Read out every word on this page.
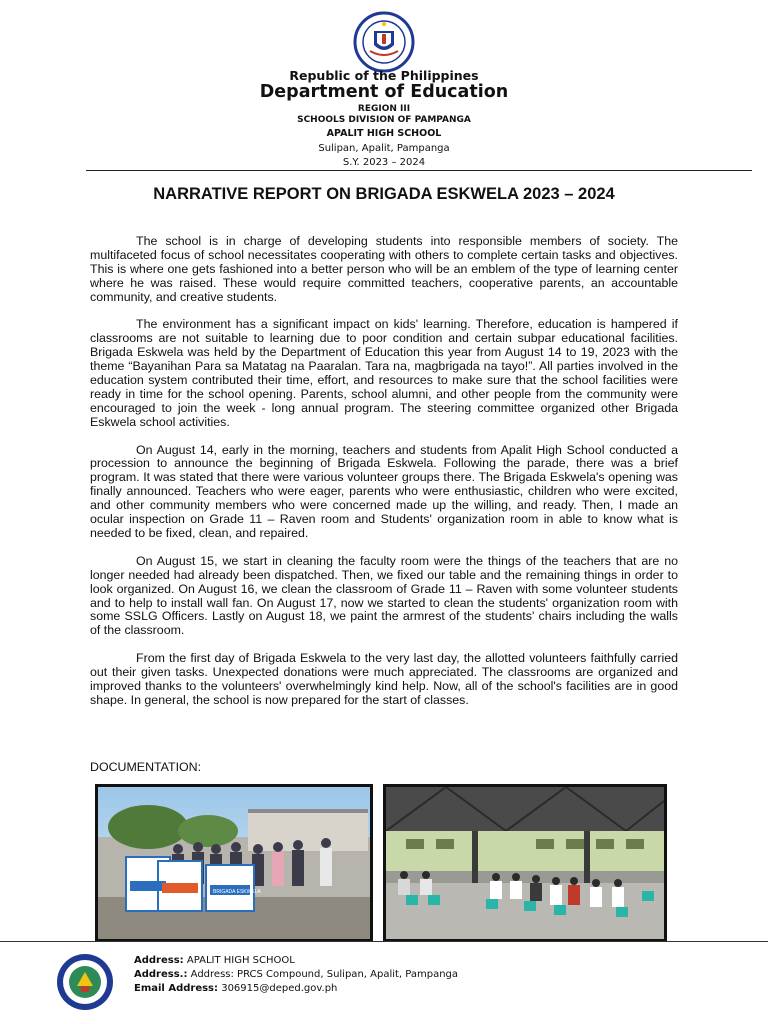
Republic of the Philippines
Department of Education
REGION III
SCHOOLS DIVISION OF PAMPANGA
APALIT HIGH SCHOOL
Sulipan, Apalit, Pampanga
S.Y. 2023 – 2024
NARRATIVE REPORT ON BRIGADA ESKWELA 2023 – 2024

The school is in charge of developing students into responsible members of society. The multifaceted focus of school necessitates cooperating with others to complete certain tasks and objectives. This is where one gets fashioned into a better person who will be an emblem of the type of learning center where he was raised. These would require committed teachers, cooperative parents, an accountable community, and creative students.

The environment has a significant impact on kids' learning. Therefore, education is hampered if classrooms are not suitable to learning due to poor condition and certain subpar educational facilities. Brigada Eskwela was held by the Department of Education this year from August 14 to 19, 2023 with the theme “Bayanihan Para sa Matatag na Paaralan. Tara na, magbrigada na tayo!”. All parties involved in the education system contributed their time, effort, and resources to make sure that the school facilities were ready in time for the school opening. Parents, school alumni, and other people from the community were encouraged to join the week - long annual program. The steering committee organized other Brigada Eskwela school activities.

On August 14, early in the morning, teachers and students from Apalit High School conducted a procession to announce the beginning of Brigada Eskwela. Following the parade, there was a brief program. It was stated that there were various volunteer groups there. The Brigada Eskwela's opening was finally announced. Teachers who were eager, parents who were enthusiastic, children who were excited, and other community members who were concerned made up the willing, and ready. Then, I made an ocular inspection on Grade 11 – Raven room and Students' organization room in able to know what is needed to be fixed, clean, and repaired.

On August 15, we start in cleaning the faculty room were the things of the teachers that are no longer needed had already been dispatched. Then, we fixed our table and the remaining things in order to look organized. On August 16, we clean the classroom of Grade 11 – Raven with some volunteer students and to help to install wall fan. On August 17, now we started to clean the students' organization room with some SSLG Officers. Lastly on August 18, we paint the armrest of the students' chairs including the walls of the classroom.

From the first day of Brigada Eskwela to the very last day, the allotted volunteers faithfully carried out their given tasks. Unexpected donations were much appreciated. The classrooms are organized and improved thanks to the volunteers' overwhelmingly kind help. Now, all of the school's facilities are in good shape. In general, the school is now prepared for the start of classes.

DOCUMENTATION:
BRIGADA ESKWELA
Address: APALIT HIGH SCHOOL
Address.: Address: PRCS Compound, Sulipan, Apalit, Pampanga
Email Address: 306915@deped.gov.ph
